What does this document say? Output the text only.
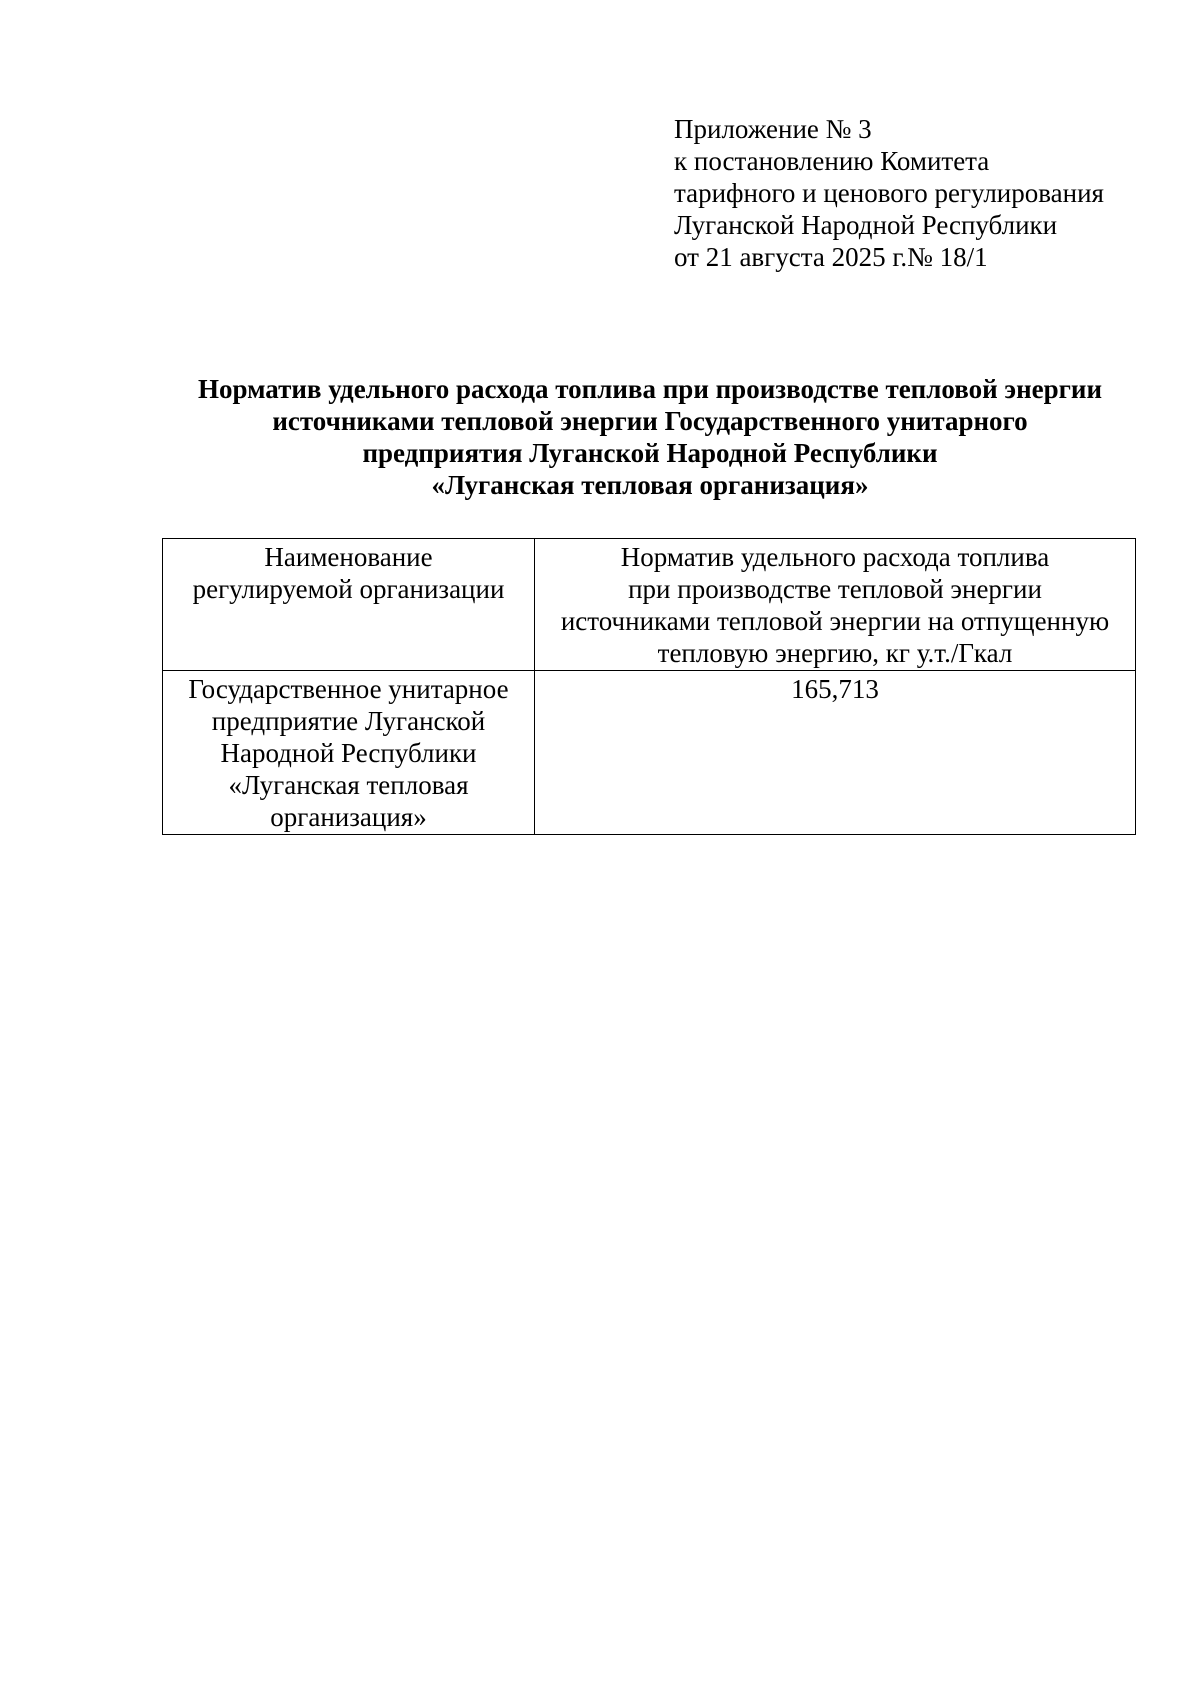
Приложение № 3
к постановлению Комитета
тарифного и ценового регулирования
Луганской Народной Республики
от 21 августа 2025 г.№ 18/1
Норматив удельного расхода топлива при производстве тепловой энергии
источниками тепловой энергии Государственного унитарного
предприятия Луганской Народной Республики
«Луганская тепловая организация»
Наименование
регулируемой организации	Норматив удельного расхода топлива
при производстве тепловой энергии
источниками тепловой энергии на отпущенную
тепловую энергию, кг у.т./Гкал

Государственное унитарное
предприятие Луганской
Народной Республики
«Луганская тепловая
организация»	165,713
